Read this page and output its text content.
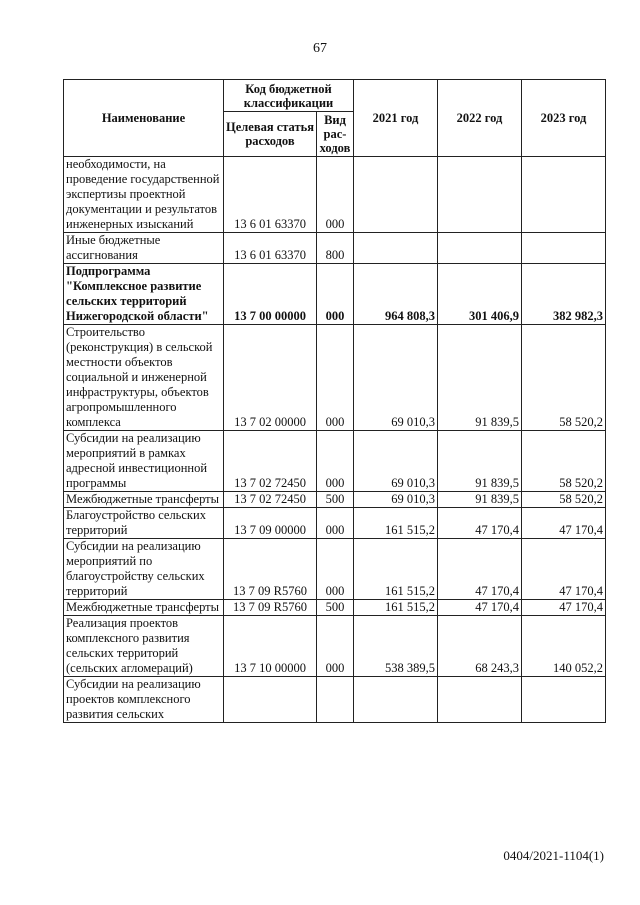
67
Наименование	Код бюджетной классификации		2021 год	2022 год	2023 год
	Целевая статья расходов	Вид рас-ходов			
необходимости, на проведение государственной экспертизы проектной документации и результатов инженерных изысканий	13 6 01 63370	000			
Иные бюджетные ассигнования	13 6 01 63370	800			
Подпрограмма "Комплексное развитие сельских территорий Нижегородской области"	13 7 00 00000	000	964 808,3	301 406,9	382 982,3
Строительство (реконструкция) в сельской местности объектов социальной и инженерной инфраструктуры, объектов агропромышленного комплекса	13 7 02 00000	000	69 010,3	91 839,5	58 520,2
Субсидии на реализацию мероприятий в рамках адресной инвестиционной программы	13 7 02 72450	000	69 010,3	91 839,5	58 520,2
Межбюджетные трансферты	13 7 02 72450	500	69 010,3	91 839,5	58 520,2
Благоустройство сельских территорий	13 7 09 00000	000	161 515,2	47 170,4	47 170,4
Субсидии на реализацию мероприятий по благоустройству сельских территорий	13 7 09 R5760	000	161 515,2	47 170,4	47 170,4
Межбюджетные трансферты	13 7 09 R5760	500	161 515,2	47 170,4	47 170,4
Реализация проектов комплексного развития сельских территорий (сельских агломераций)	13 7 10 00000	000	538 389,5	68 243,3	140 052,2
Субсидии на реализацию проектов комплексного развития сельских					
0404/2021-1104(1)
